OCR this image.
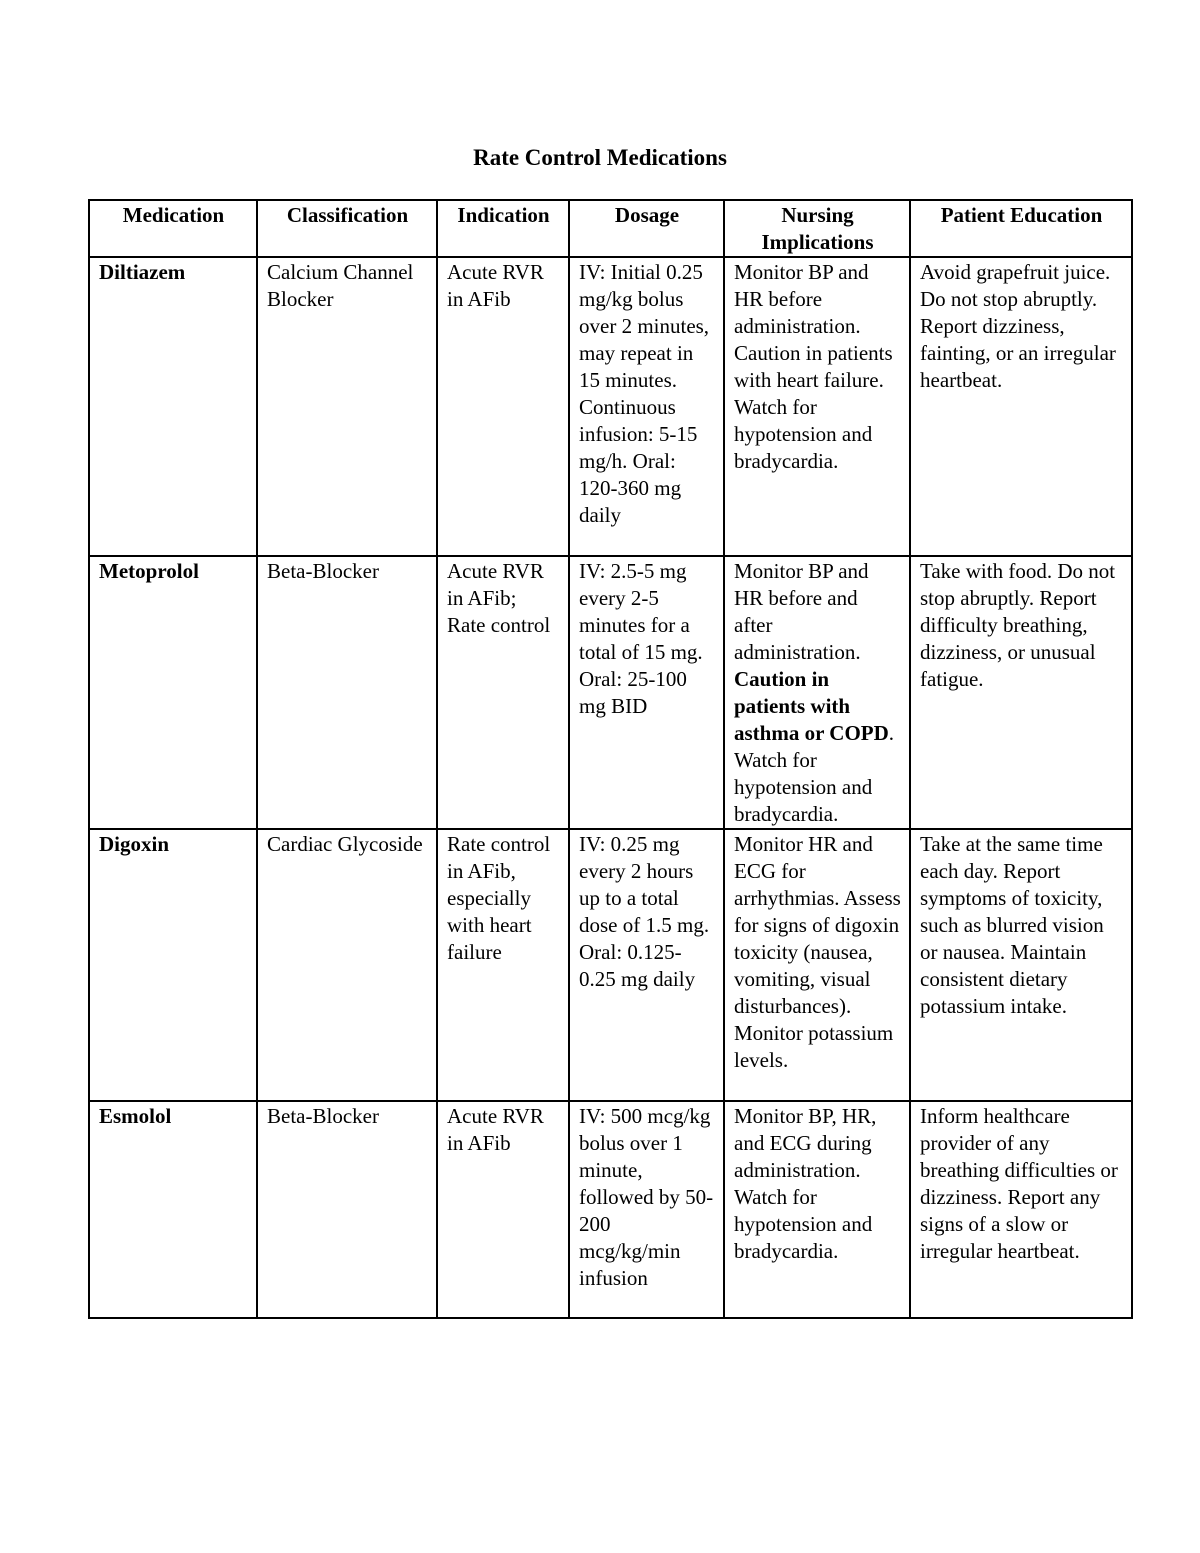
Rate Control Medications
Medication	Classification	Indication	Dosage	Nursing Implications	Patient Education
Diltiazem	Calcium Channel Blocker	Acute RVR in AFib	IV: Initial 0.25 mg/kg bolus over 2 minutes, may repeat in 15 minutes. Continuous infusion: 5-15 mg/h. Oral: 120-360 mg daily	Monitor BP and HR before administration. Caution in patients with heart failure. Watch for hypotension and bradycardia.	Avoid grapefruit juice. Do not stop abruptly. Report dizziness, fainting, or an irregular heartbeat.
Metoprolol	Beta-Blocker	Acute RVR in AFib; Rate control	IV: 2.5-5 mg every 2-5 minutes for a total of 15 mg. Oral: 25-100 mg BID	Monitor BP and HR before and after administration. Caution in patients with asthma or COPD. Watch for hypotension and bradycardia.	Take with food. Do not stop abruptly. Report difficulty breathing, dizziness, or unusual fatigue.
Digoxin	Cardiac Glycoside	Rate control in AFib, especially with heart failure	IV: 0.25 mg every 2 hours up to a total dose of 1.5 mg. Oral: 0.125-0.25 mg daily	Monitor HR and ECG for arrhythmias. Assess for signs of digoxin toxicity (nausea, vomiting, visual disturbances). Monitor potassium levels.	Take at the same time each day. Report symptoms of toxicity, such as blurred vision or nausea. Maintain consistent dietary potassium intake.
Esmolol	Beta-Blocker	Acute RVR in AFib	IV: 500 mcg/kg bolus over 1 minute, followed by 50-200 mcg/kg/min infusion	Monitor BP, HR, and ECG during administration. Watch for hypotension and bradycardia.	Inform healthcare provider of any breathing difficulties or dizziness. Report any signs of a slow or irregular heartbeat.
